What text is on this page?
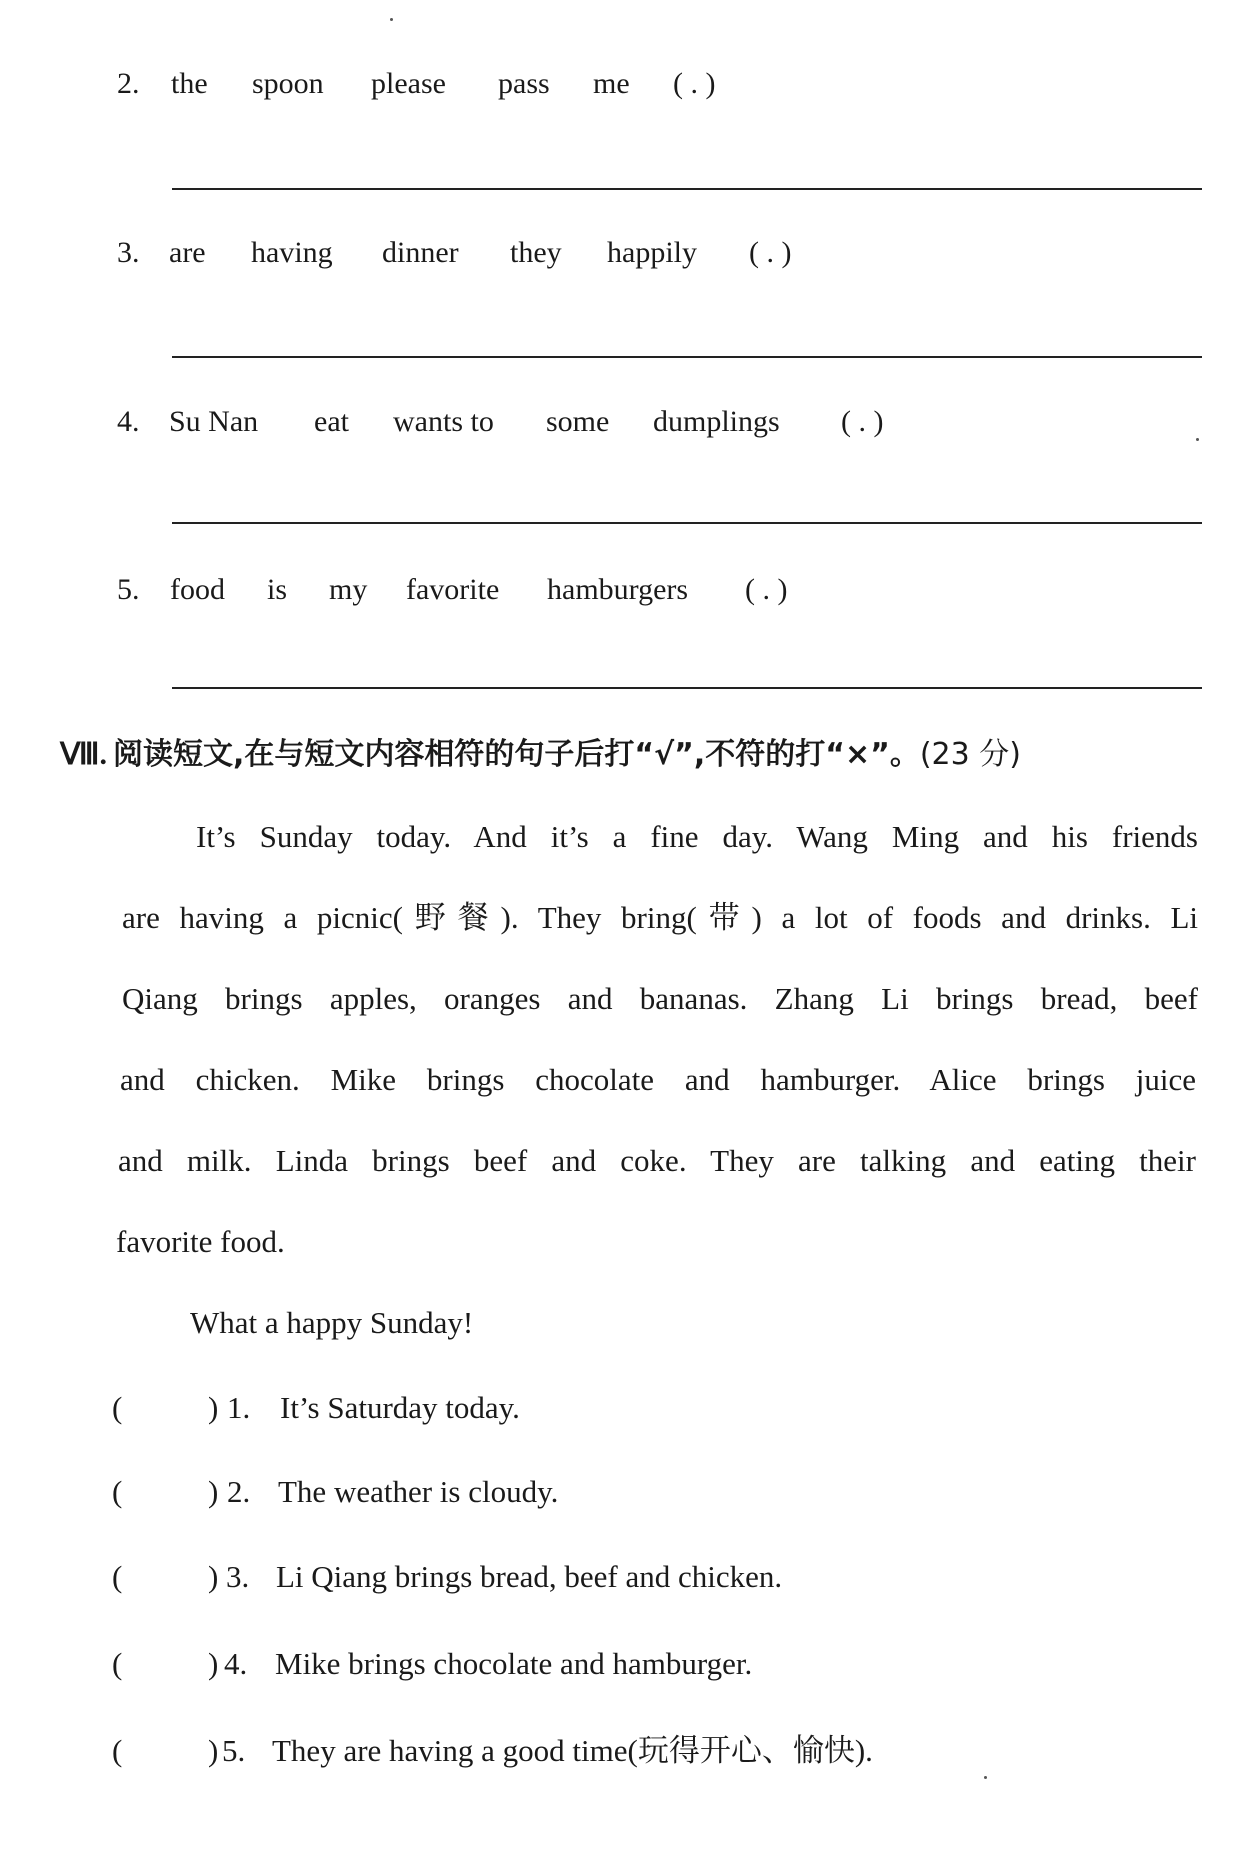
2. the spoon please pass me ( . )
3. are having dinner they happily ( . )
4. Su Nan eat wants to some dumplings ( . )
5. food is my favorite hamburgers ( . )
Ⅷ. 阅读短文,在与短文内容相符的句子后打“√”,不符的打“×”。(23 分)
It’s Sunday today. And it’s a fine day. Wang Ming and his friends
are having a picnic(野餐). They bring(带) a lot of foods and drinks. Li
Qiang brings apples, oranges and bananas. Zhang Li brings bread, beef
and chicken. Mike brings chocolate and hamburger. Alice brings juice
and milk. Linda brings beef and coke. They are talking and eating their
favorite food.
What a happy Sunday!
(	) 1. It’s Saturday today.
(	) 2. The weather is cloudy.
(	) 3. Li Qiang brings bread, beef and chicken.
(	) 4. Mike brings chocolate and hamburger.
(	) 5. They are having a good time(玩得开心、愉快).
